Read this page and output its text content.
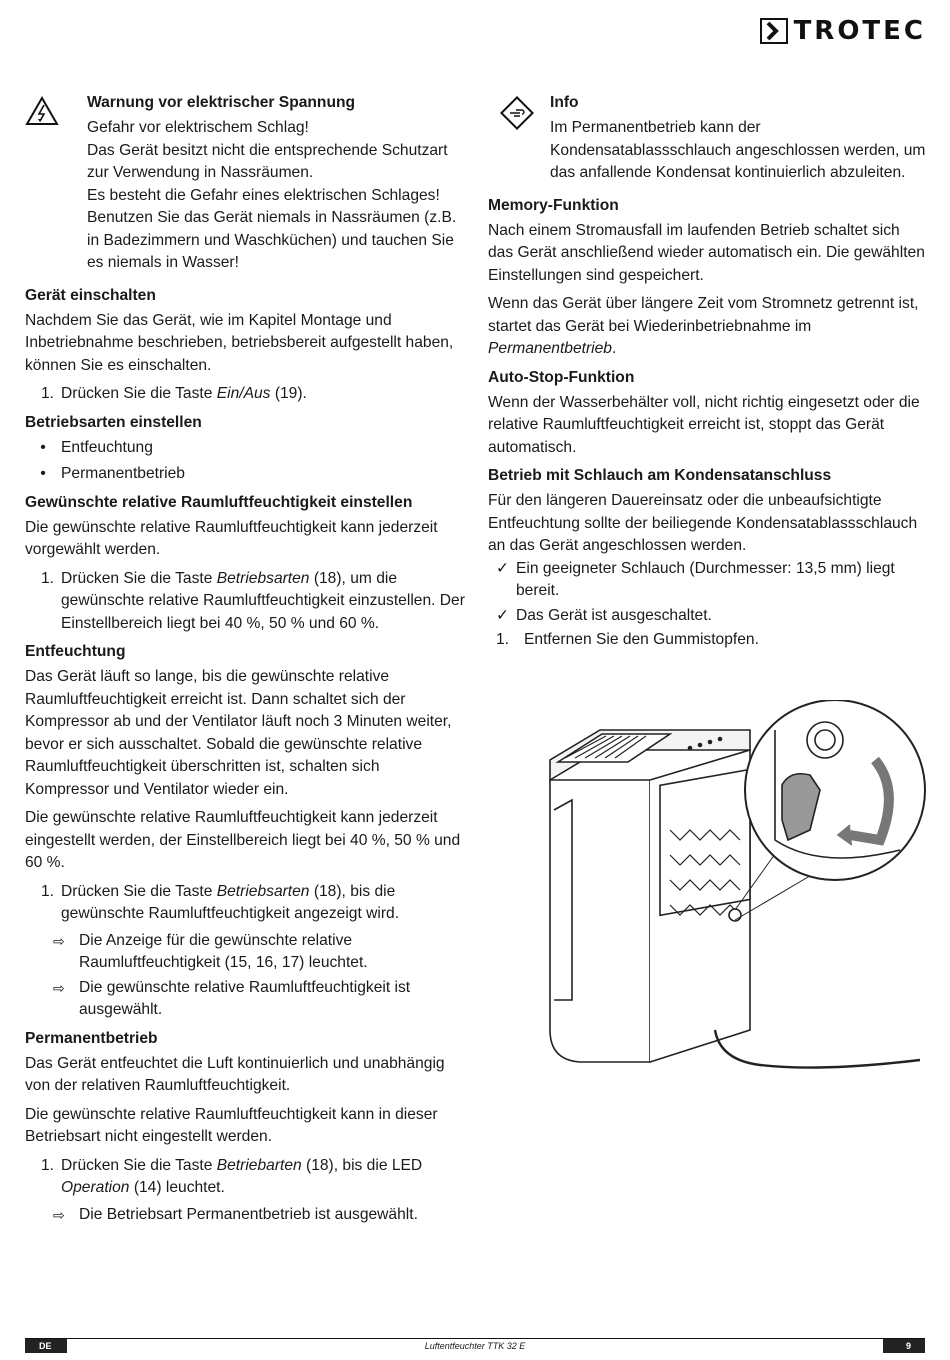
TROTEC
Warnung vor elektrischer Spannung

Gefahr vor elektrischem Schlag!

Das Gerät besitzt nicht die entsprechende Schutzart zur Verwendung in Nassräumen.

Es besteht die Gefahr eines elektrischen Schlages! Benutzen Sie das Gerät niemals in Nassräumen (z.B. in Badezimmern und Waschküchen) und tauchen Sie es niemals in Wasser!

Gerät einschalten

Nachdem Sie das Gerät, wie im Kapitel Montage und Inbetriebnahme beschrieben, betriebsbereit aufgestellt haben, können Sie es einschalten.

1. Drücken Sie die Taste Ein/Aus (19).
Betriebsarten einstellen
• Entfeuchtung
• Permanentbetrieb
Gewünschte relative Raumluftfeuchtigkeit einstellen

Die gewünschte relative Raumluftfeuchtigkeit kann jederzeit vorgewählt werden.

1. Drücken Sie die Taste Betriebsarten (18), um die gewünschte relative Raumluftfeuchtigkeit einzustellen. Der Einstellbereich liegt bei 40 %, 50 % und 60 %.
Entfeuchtung

Das Gerät läuft so lange, bis die gewünschte relative Raumluftfeuchtigkeit erreicht ist. Dann schaltet sich der Kompressor ab und der Ventilator läuft noch 3 Minuten weiter, bevor er sich ausschaltet. Sobald die gewünschte relative Raumluftfeuchtigkeit überschritten ist, schalten sich Kompressor und Ventilator wieder ein.

Die gewünschte relative Raumluftfeuchtigkeit kann jederzeit eingestellt werden, der Einstellbereich liegt bei 40 %, 50 % und 60 %.

1. Drücken Sie die Taste Betriebsarten (18), bis die gewünschte Raumluftfeuchtigkeit angezeigt wird.
⇨ Die Anzeige für die gewünschte relative Raumluftfeuchtigkeit (15, 16, 17) leuchtet.
⇨ Die gewünschte relative Raumluftfeuchtigkeit ist ausgewählt.
Permanentbetrieb

Das Gerät entfeuchtet die Luft kontinuierlich und unabhängig von der relativen Raumluftfeuchtigkeit.

Die gewünschte relative Raumluftfeuchtigkeit kann in dieser Betriebsart nicht eingestellt werden.

1. Drücken Sie die Taste Betriebarten (18), bis die LED Operation (14) leuchtet.
⇨ Die Betriebsart Permanentbetrieb ist ausgewählt.
Info

Im Permanentbetrieb kann der Kondensatablassschlauch angeschlossen werden, um das anfallende Kondensat kontinuierlich abzuleiten.

Memory-Funktion

Nach einem Stromausfall im laufenden Betrieb schaltet sich das Gerät anschließend wieder automatisch ein. Die gewählten Einstellungen sind gespeichert.

Wenn das Gerät über längere Zeit vom Stromnetz getrennt ist, startet das Gerät bei Wiederinbetriebnahme im Permanentbetrieb.

Auto-Stop-Funktion

Wenn der Wasserbehälter voll, nicht richtig eingesetzt oder die relative Raumluftfeuchtigkeit erreicht ist, stoppt das Gerät automatisch.

Betrieb mit Schlauch am Kondensatanschluss

Für den längeren Dauereinsatz oder die unbeaufsichtigte Entfeuchtung sollte der beiliegende Kondensatablassschlauch an das Gerät angeschlossen werden.

✓ Ein geeigneter Schlauch (Durchmesser: 13,5 mm) liegt bereit.
✓ Das Gerät ist ausgeschaltet.
1. Entfernen Sie den Gummistopfen.
DE	Luftentfeuchter TTK 32 E	9
